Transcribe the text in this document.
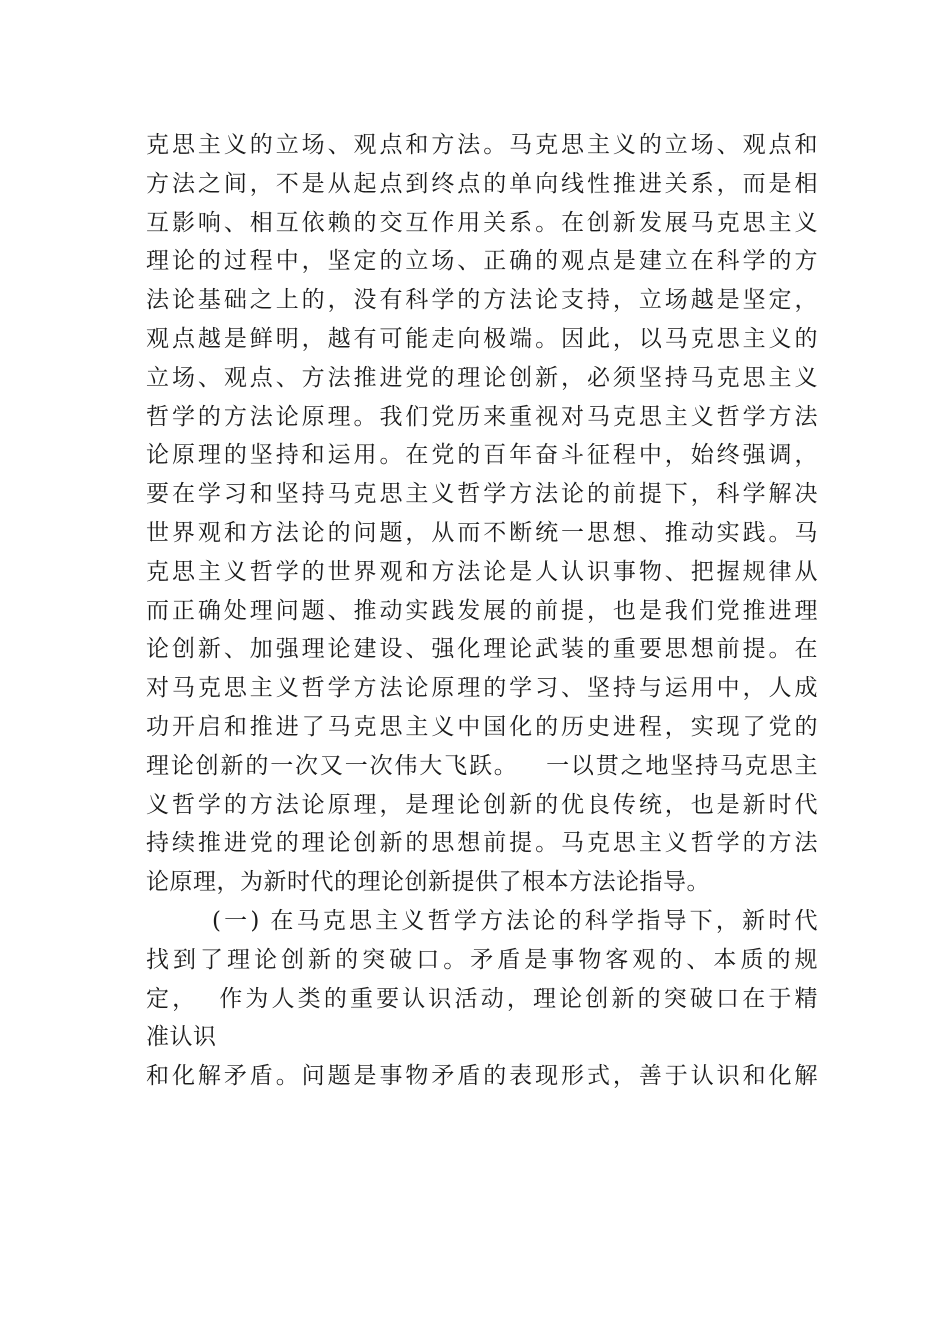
克思主义的立场、观点和方法。马克思主义的立场、观点和
方法之间，不是从起点到终点的单向线性推进关系，而是相
互影响、相互依赖的交互作用关系。在创新发展马克思主义
理论的过程中，坚定的立场、正确的观点是建立在科学的方
法论基础之上的，没有科学的方法论支持，立场越是坚定，
观点越是鲜明，越有可能走向极端。因此，以马克思主义的
立场、观点、方法推进党的理论创新，必须坚持马克思主义
哲学的方法论原理。我们党历来重视对马克思主义哲学方法
论原理的坚持和运用。在党的百年奋斗征程中，始终强调，
要在学习和坚持马克思主义哲学方法论的前提下，科学解决
世界观和方法论的问题，从而不断统一思想、推动实践。马
克思主义哲学的世界观和方法论是人认识事物、把握规律从
而正确处理问题、推动实践发展的前提，也是我们党推进理
论创新、加强理论建设、强化理论武装的重要思想前提。在
对马克思主义哲学方法论原理的学习、坚持与运用中，人成
功开启和推进了马克思主义中国化的历史进程，实现了党的
理论创新的一次又一次伟大飞跃。   一以贯之地坚持马克思主
义哲学的方法论原理，是理论创新的优良传统，也是新时代
持续推进党的理论创新的思想前提。马克思主义哲学的方法
论原理，为新时代的理论创新提供了根本方法论指导。
(一) 在马克思主义哲学方法论的科学指导下，新时代
找到了理论创新的突破口。矛盾是事物客观的、本质的规
定，  作为人类的重要认识活动，理论创新的突破口在于精
准认识
和化解矛盾。问题是事物矛盾的表现形式，善于认识和化解
